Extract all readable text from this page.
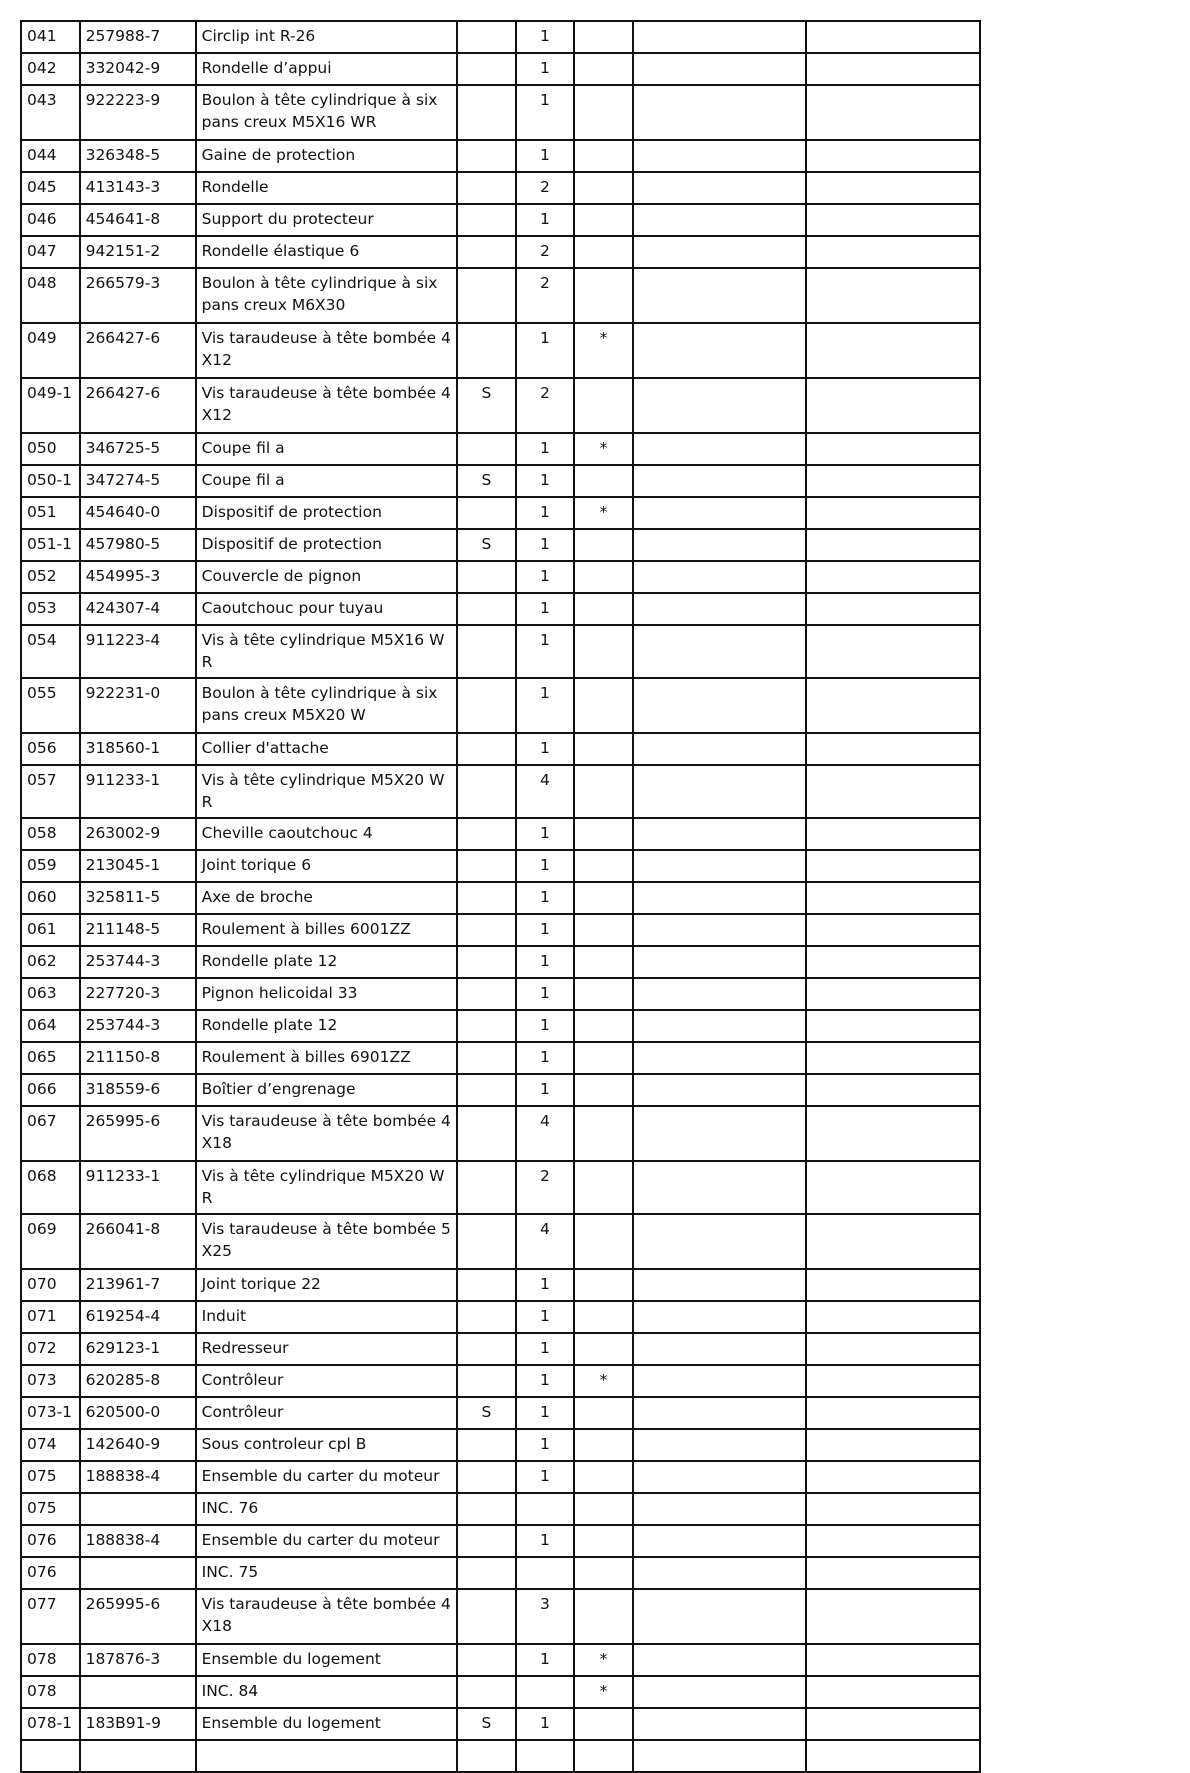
041	257988-7	Circlip int R-26		1			
042	332042-9	Rondelle d’appui		1			
043	922223-9	Boulon à tête cylindrique à six pans creux M5X16 WR		1			
044	326348-5	Gaine de protection		1			
045	413143-3	Rondelle		2			
046	454641-8	Support du protecteur		1			
047	942151-2	Rondelle élastique 6		2			
048	266579-3	Boulon à tête cylindrique à six pans creux M6X30		2			
049	266427-6	Vis taraudeuse à tête bombée 4X12		1	*		
049-1	266427-6	Vis taraudeuse à tête bombée 4X12	S	2			
050	346725-5	Coupe fil a		1	*		
050-1	347274-5	Coupe fil a	S	1			
051	454640-0	Dispositif de protection		1	*		
051-1	457980-5	Dispositif de protection	S	1			
052	454995-3	Couvercle de pignon		1			
053	424307-4	Caoutchouc pour tuyau		1			
054	911223-4	Vis à tête cylindrique M5X16 WR		1			
055	922231-0	Boulon à tête cylindrique à six pans creux M5X20 W		1			
056	318560-1	Collier d'attache		1			
057	911233-1	Vis à tête cylindrique M5X20 WR		4			
058	263002-9	Cheville caoutchouc 4		1			
059	213045-1	Joint torique 6		1			
060	325811-5	Axe de broche		1			
061	211148-5	Roulement à billes 6001ZZ		1			
062	253744-3	Rondelle plate 12		1			
063	227720-3	Pignon helicoidal 33		1			
064	253744-3	Rondelle plate 12		1			
065	211150-8	Roulement à billes 6901ZZ		1			
066	318559-6	Boîtier d’engrenage		1			
067	265995-6	Vis taraudeuse à tête bombée 4X18		4			
068	911233-1	Vis à tête cylindrique M5X20 WR		2			
069	266041-8	Vis taraudeuse à tête bombée 5X25		4			
070	213961-7	Joint torique 22		1			
071	619254-4	Induit		1			
072	629123-1	Redresseur		1			
073	620285-8	Contrôleur		1	*		
073-1	620500-0	Contrôleur	S	1			
074	142640-9	Sous controleur cpl B		1			
075	188838-4	Ensemble du carter du moteur		1			
075		INC. 76					
076	188838-4	Ensemble du carter du moteur		1			
076		INC. 75					
077	265995-6	Vis taraudeuse à tête bombée 4X18		3			
078	187876-3	Ensemble du logement		1	*		
078		INC. 84			*		
078-1	183B91-9	Ensemble du logement	S	1			
